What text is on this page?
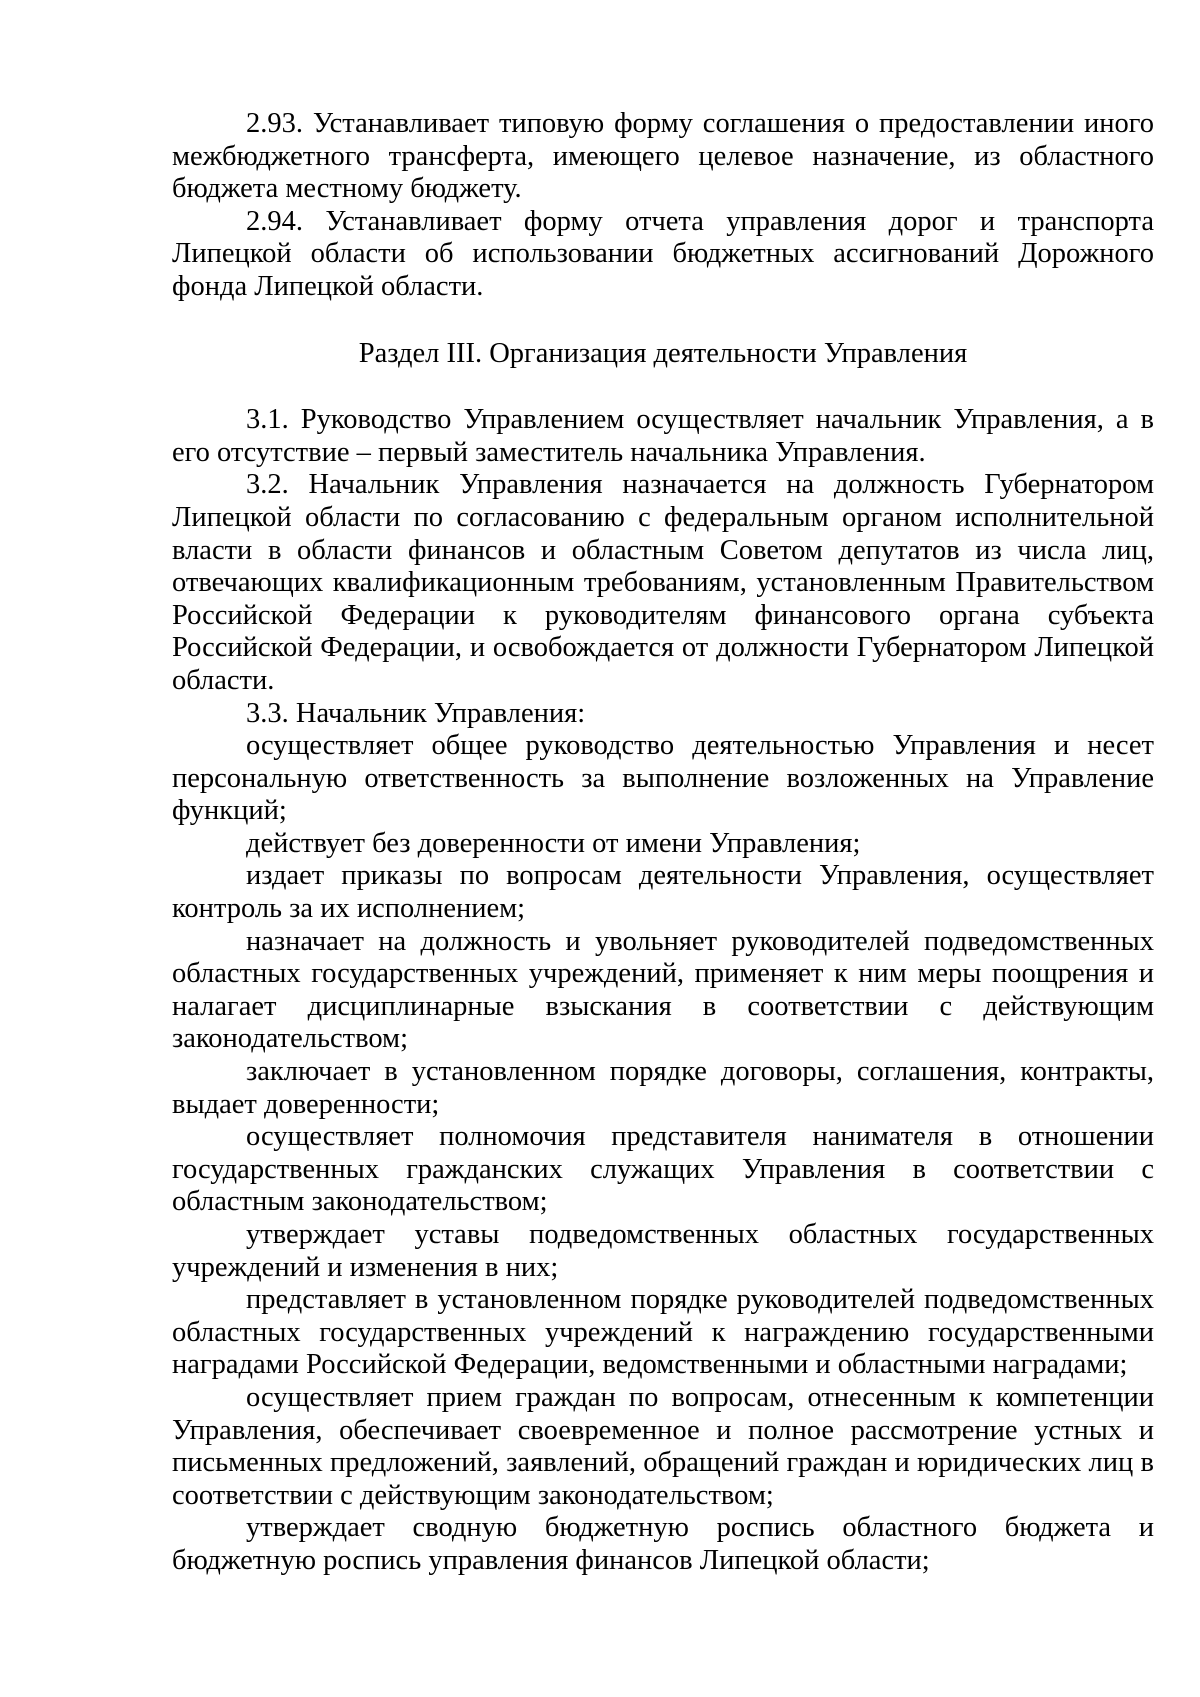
2.93. Устанавливает типовую форму соглашения о предоставлении иного межбюджетного трансферта, имеющего целевое назначение, из областного бюджета местному бюджету.

2.94. Устанавливает форму отчета управления дорог и транспорта Липецкой области об использовании бюджетных ассигнований Дорожного фонда Липецкой области.

Раздел III. Организация деятельности Управления

3.1. Руководство Управлением осуществляет начальник Управления, а в его отсутствие – первый заместитель начальника Управления.

3.2. Начальник Управления назначается на должность Губернатором Липецкой области по согласованию с федеральным органом исполнительной власти в области финансов и областным Советом депутатов из числа лиц, отвечающих квалификационным требованиям, установленным Правительством Российской Федерации к руководителям финансового органа субъекта Российской Федерации, и освобождается от должности Губернатором Липецкой области.

3.3. Начальник Управления:

осуществляет общее руководство деятельностью Управления и несет персональную ответственность за выполнение возложенных на Управление функций;

действует без доверенности от имени Управления;

издает приказы по вопросам деятельности Управления, осуществляет контроль за их исполнением;

назначает на должность и увольняет руководителей подведомственных областных государственных учреждений, применяет к ним меры поощрения и налагает дисциплинарные взыскания в соответствии с действующим законодательством;

заключает в установленном порядке договоры, соглашения, контракты, выдает доверенности;

осуществляет полномочия представителя нанимателя в отношении государственных гражданских служащих Управления в соответствии с областным законодательством;

утверждает уставы подведомственных областных государственных учреждений и изменения в них;

представляет в установленном порядке руководителей подведомственных областных государственных учреждений к награждению государственными наградами Российской Федерации, ведомственными и областными наградами;

осуществляет прием граждан по вопросам, отнесенным к компетенции Управления, обеспечивает своевременное и полное рассмотрение устных и письменных предложений, заявлений, обращений граждан и юридических лиц в соответствии с действующим законодательством;

утверждает сводную бюджетную роспись областного бюджета и бюджетную роспись управления финансов Липецкой области;
